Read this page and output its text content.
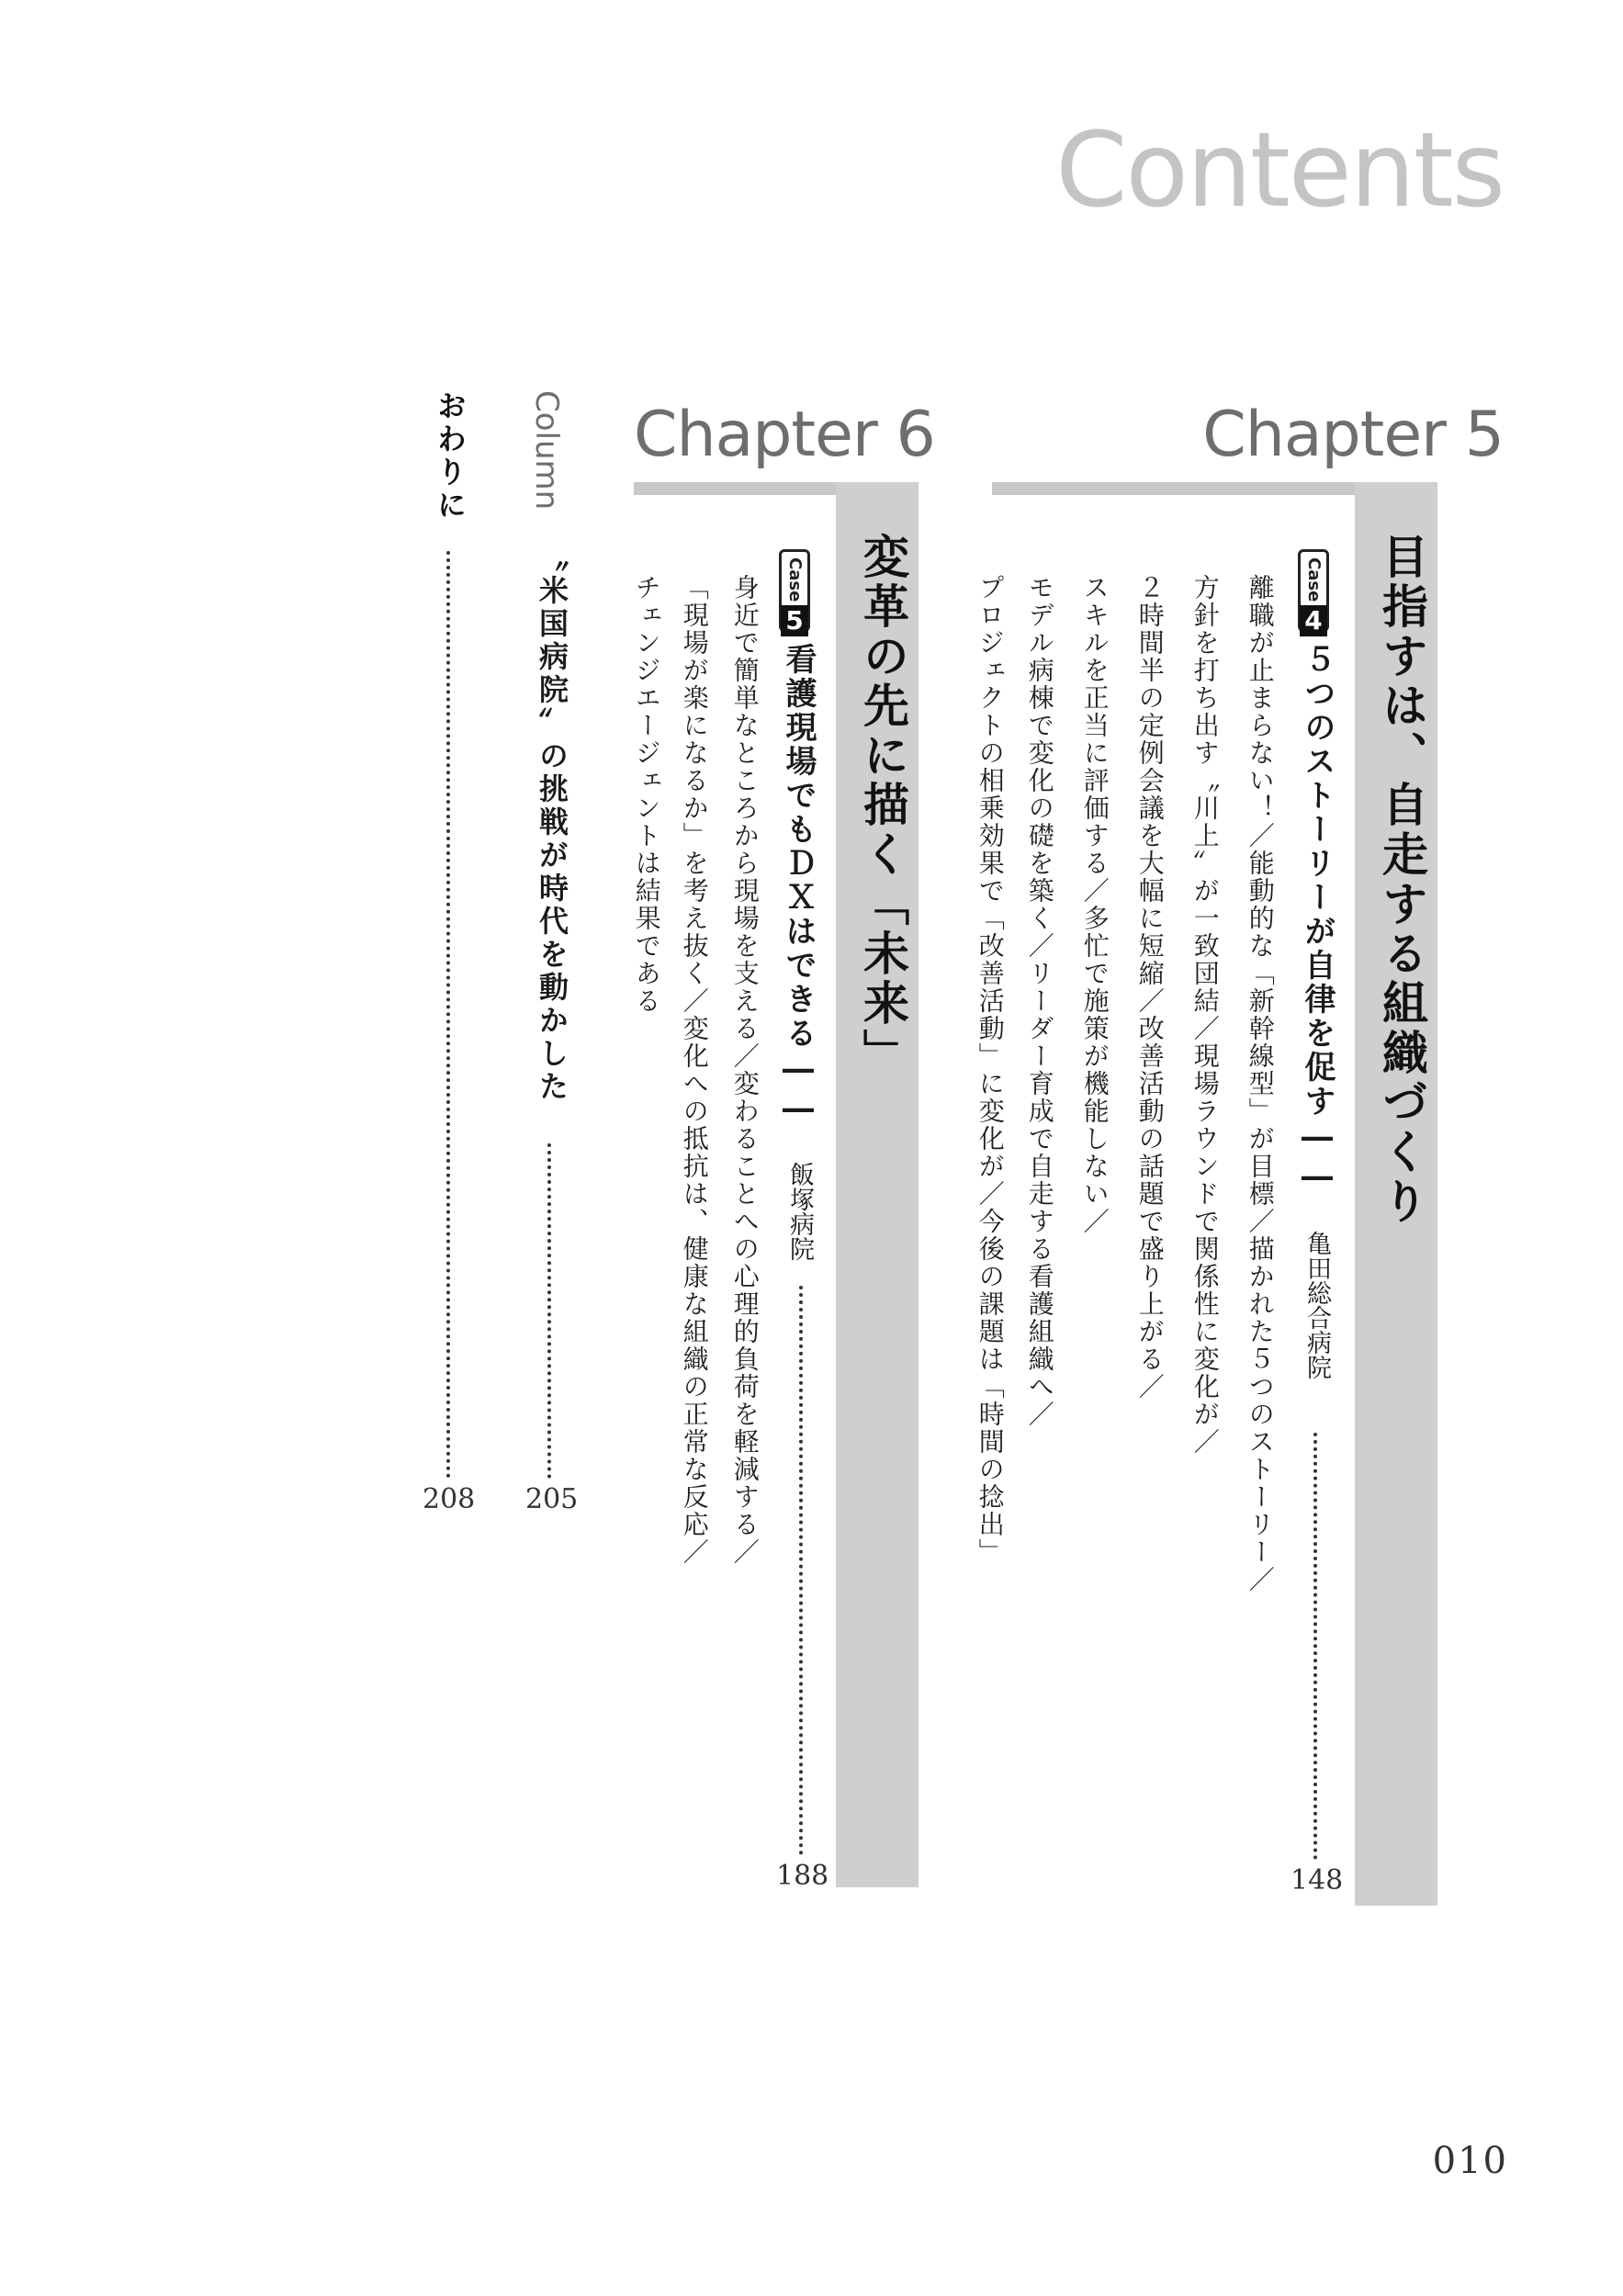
Contents
Chapter 5
目指すは、自走する組織づくり
Case
4
５つのストーリーが自律を促す――
亀田総合病院
148
離職が止まらない！／能動的な「新幹線型」が目標／描かれた５つのストーリー／
方針を打ち出す〝川上〟が一致団結／現場ラウンドで関係性に変化が／
２時間半の定例会議を大幅に短縮／改善活動の話題で盛り上がる／
スキルを正当に評価する／多忙で施策が機能しない／
モデル病棟で変化の礎を築く／リーダー育成で自走する看護組織へ／
プロジェクトの相乗効果で「改善活動」に変化が／今後の課題は「時間の捻出」
Chapter 6
変革の先に描く「未来」
Case
5
看護現場でもＤＸはできる――
飯塚病院
188
身近で簡単なところから現場を支える／変わることへの心理的負荷を軽減する／
「現場が楽になるか」を考え抜く／変化への抵抗は、健康な組織の正常な反応／
チェンジエージェントは結果である
Column
〝米国病院〟の挑戦が時代を動かした
205
おわりに
208
010
